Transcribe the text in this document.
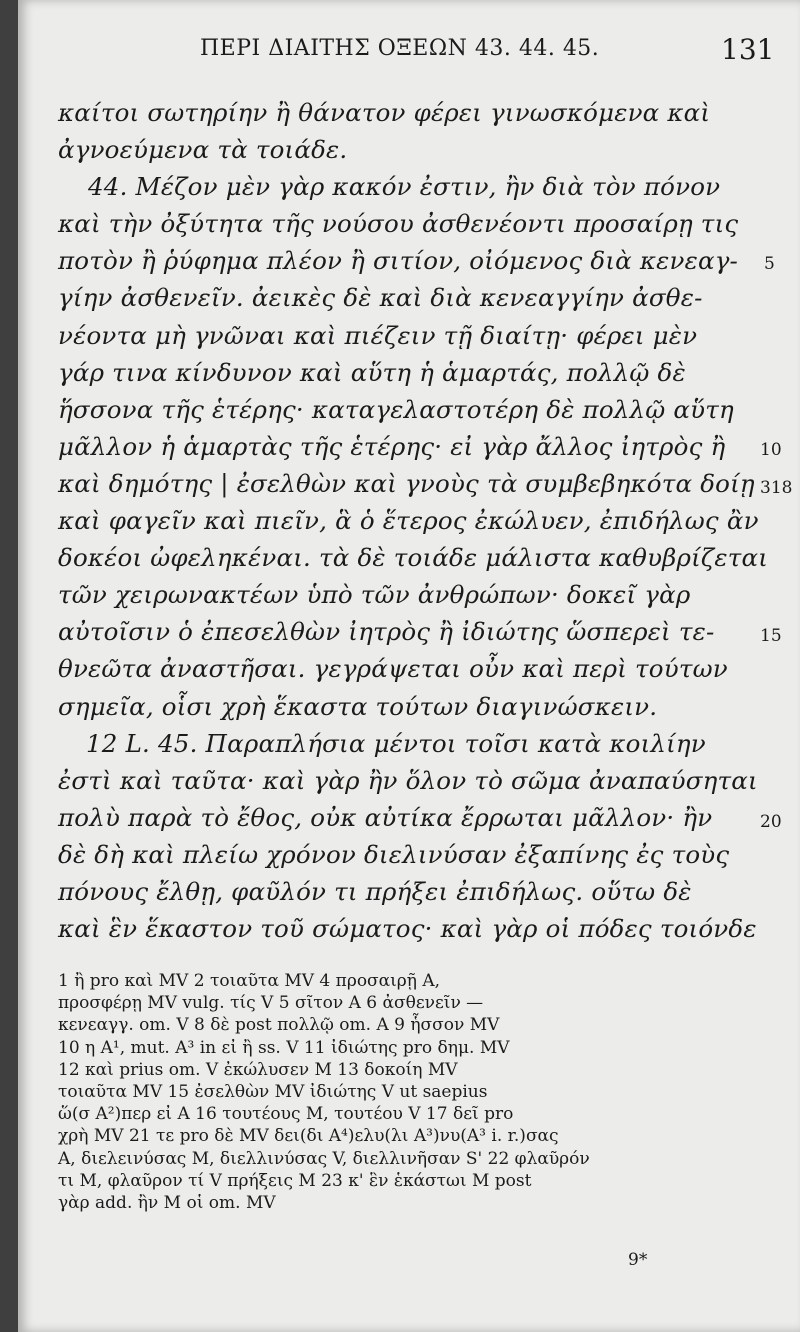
ΠΕΡΙ ΔΙΑΙΤΗΣ ΟΞΕΩΝ 43. 44. 45.	131
καίτοι σωτηρίην ἢ θάνατον φέρει γινωσκόμενα καὶ
ἀγνοεύμενα τὰ τοιάδε.
44. Μέζον μὲν γὰρ κακόν ἐστιν, ἢν διὰ τὸν πόνον
καὶ τὴν ὀξύτητα τῆς νούσου ἀσθενέοντι προσαίρῃ τις
ποτὸν ἢ ῥύφημα πλέον ἢ σιτίον, οἰόμενος διὰ κενεαγ-
γίην ἀσθενεῖν. ἀεικὲς δὲ καὶ διὰ κενεαγγίην ἀσθε-
νέοντα μὴ γνῶναι καὶ πιέζειν τῇ διαίτῃ· φέρει μὲν
γάρ τινα κίνδυνον καὶ αὕτη ἡ ἁμαρτάς, πολλῷ δὲ
ἥσσονα τῆς ἑτέρης· καταγελαστοτέρη δὲ πολλῷ αὕτη
μᾶλλον ἡ ἁμαρτὰς τῆς ἑτέρης· εἰ γὰρ ἄλλος ἰητρὸς ἢ
καὶ δημότης | ἐσελθὼν καὶ γνοὺς τὰ συμβεβηκότα δοίῃ
καὶ φαγεῖν καὶ πιεῖν, ἃ ὁ ἕτερος ἐκώλυεν, ἐπιδήλως ἂν
δοκέοι ὠφεληκέναι. τὰ δὲ τοιάδε μάλιστα καθυβρίζεται
τῶν χειρωνακτέων ὑπὸ τῶν ἀνθρώπων· δοκεῖ γὰρ
αὐτοῖσιν ὁ ἐπεσελθὼν ἰητρὸς ἢ ἰδιώτης ὥσπερεὶ τε-
θνεῶτα ἀναστῆσαι. γεγράψεται οὖν καὶ περὶ τούτων
σημεῖα, οἷσι χρὴ ἕκαστα τούτων διαγινώσκειν.
12 L. 45. Παραπλήσια μέντοι τοῖσι κατὰ κοιλίην
ἐστὶ καὶ ταῦτα· καὶ γὰρ ἢν ὅλον τὸ σῶμα ἀναπαύσηται
πολὺ παρὰ τὸ ἔθος, οὐκ αὐτίκα ἔρρωται μᾶλλον· ἢν
δὲ δὴ καὶ πλείω χρόνον διελινύσαν ἐξαπίνης ἐς τοὺς
πόνους ἔλθῃ, φαῦλόν τι πρήξει ἐπιδήλως. οὕτω δὲ
καὶ ἓν ἕκαστον τοῦ σώματος· καὶ γὰρ οἱ πόδες τοιόνδε
5
10
318
15
20
1 ἢ pro καὶ MV 2 τοιαῦτα MV 4 προσαιρῇ A,
προσφέρῃ MV vulg. τίς V 5 σῖτον A 6 ἀσθενεῖν —
κενεαγγ. om. V 8 δὲ post πολλῷ om. A 9 ἧσσον MV
10 η A¹, mut. A³ in εἰ ἢ ss. V 11 ἰδιώτης pro δημ. MV
12 καὶ prius om. V ἐκώλυσεν M 13 δοκοίη MV
τοιαῦτα MV 15 ἐσελθὼν MV ἰδιώτης V ut saepius
ὥ(σ A²)περ εἰ A 16 τουτέους M, τουτέου V 17 δεῖ pro
χρὴ MV 21 τε pro δὲ MV δει(δι A⁴)ελυ(λι A³)νυ(A³ i. r.)σας
A, διελεινύσας M, διελλινύσας V, διελλινῆσαν S' 22 φλαῦρόν
τι M, φλαῦρον τί V πρήξεις M 23 κ' ἓν ἑκάστωι M post
γὰρ add. ἢν M οἱ om. MV
9*
